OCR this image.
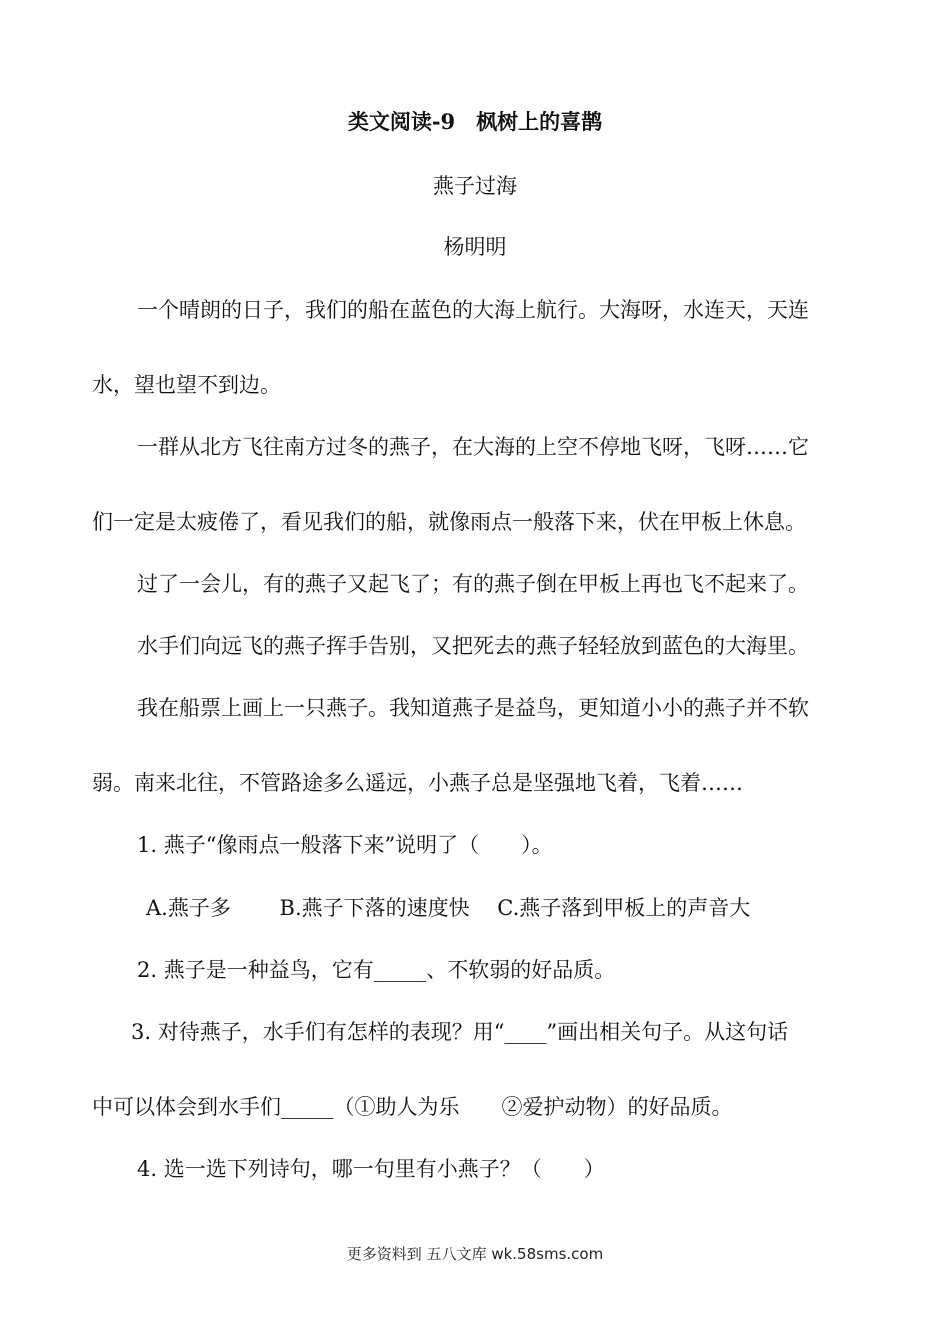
类文阅读-9　枫树上的喜鹊
燕子过海
杨明明
一个晴朗的日子，我们的船在蓝色的大海上航行。大海呀，水连天，天连
水，望也望不到边。
一群从北方飞往南方过冬的燕子，在大海的上空不停地飞呀，飞呀……它
们一定是太疲倦了，看见我们的船，就像雨点一般落下来，伏在甲板上休息。
过了一会儿，有的燕子又起飞了；有的燕子倒在甲板上再也飞不起来了。
水手们向远飞的燕子挥手告别，又把死去的燕子轻轻放到蓝色的大海里。
我在船票上画上一只燕子。我知道燕子是益鸟，更知道小小的燕子并不软
弱。南来北往，不管路途多么遥远，小燕子总是坚强地飞着，飞着……
1. 燕子“像雨点一般落下来”说明了（　　）。
A.燕子多　　 B.燕子下落的速度快　 C.燕子落到甲板上的声音大
2. 燕子是一种益鸟，它有_____、不软弱的好品质。
3. 对待燕子，水手们有怎样的表现？用“____”画出相关句子。从这句话
中可以体会到水手们_____（①助人为乐　　②爱护动物）的好品质。
4. 选一选下列诗句，哪一句里有小燕子？（　　）
更多资料到 五八文库 wk.58sms.com
